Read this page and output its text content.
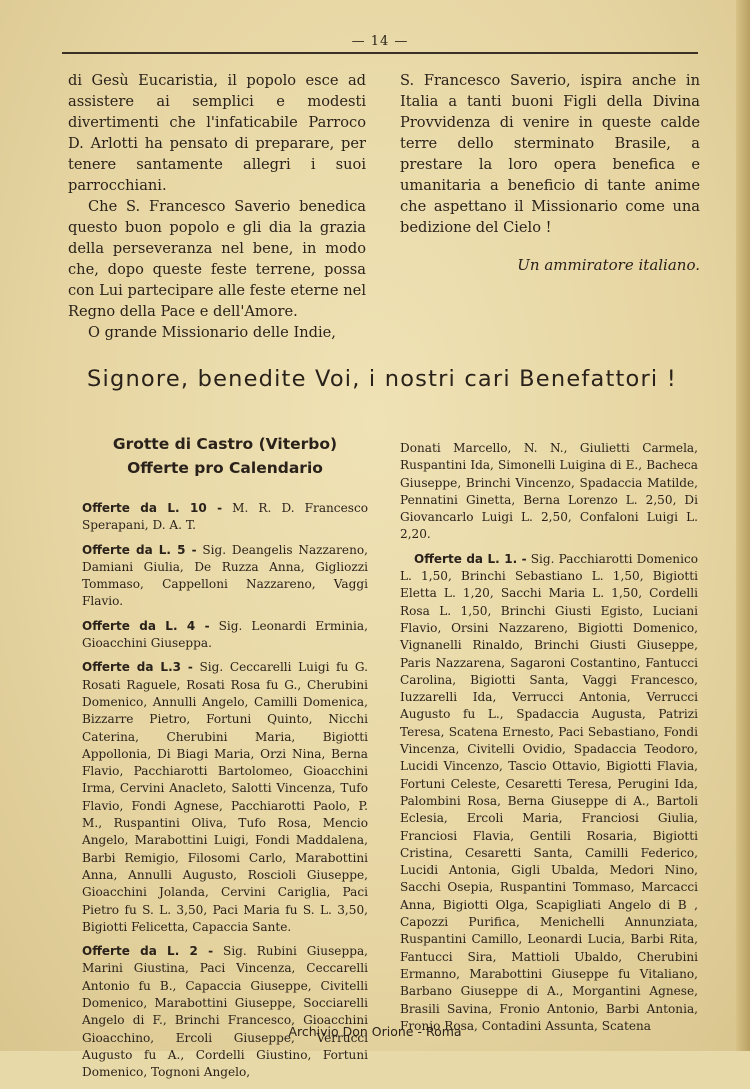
— 14 —

di Gesù Eucaristia, il popolo esce ad assistere ai semplici e modesti divertimenti che l'infaticabile Parroco D. Arlotti ha pensato di preparare, per tenere santamente allegri i suoi parrocchiani.

Che S. Francesco Saverio benedica questo buon popolo e gli dia la grazia della perseveranza nel bene, in modo che, dopo queste feste terrene, possa con Lui partecipare alle feste eterne nel Regno della Pace e dell'Amore.

O grande Missionario delle Indie,

S. Francesco Saverio, ispira anche in Italia a tanti buoni Figli della Divina Provvidenza di venire in queste calde terre dello sterminato Brasile, a prestare la loro opera benefica e umanitaria a beneficio di tante anime che aspettano il Missionario come una bedizione del Cielo !

Un ammiratore italiano.
Signore, benedite Voi, i nostri cari Benefattori !
Grotte di Castro (Viterbo)
Offerte pro Calendario

Offerte da L. 10 - M. R. D. Francesco Sperapani, D. A. T.

Offerte da L. 5 - Sig. Deangelis Nazzareno, Damiani Giulia, De Ruzza Anna, Gigliozzi Tommaso, Cappelloni Nazzareno, Vaggi Flavio.

Offerte da L. 4 - Sig. Leonardi Erminia, Gioacchini Giuseppa.

Offerte da L.3 - Sig. Ceccarelli Luigi fu G. Rosati Raguele, Rosati Rosa fu G., Cherubini Domenico, Annulli Angelo, Camilli Domenica, Bizzarre Pietro, Fortuni Quinto, Nicchi Caterina, Cherubini Maria, Bigiotti Appollonia, Di Biagi Maria, Orzi Nina, Berna Flavio, Pacchiarotti Bartolomeo, Gioacchini Irma, Cervini Anacleto, Salotti Vincenza, Tufo Flavio, Fondi Agnese, Pacchiarotti Paolo, P. M., Ruspantini Oliva, Tufo Rosa, Mencio Angelo, Marabottini Luigi, Fondi Maddalena, Barbi Remigio, Filosomi Carlo, Marabottini Anna, Annulli Augusto, Roscioli Giuseppe, Gioacchini Jolanda, Cervini Cariglia, Paci Pietro fu S. L. 3,50, Paci Maria fu S. L. 3,50, Bigiotti Felicetta, Capaccia Sante.

Offerte da L. 2 - Sig. Rubini Giuseppa, Marini Giustina, Paci Vincenza, Ceccarelli Antonio fu B., Capaccia Giuseppe, Civitelli Domenico, Marabottini Giuseppe, Socciarelli Angelo di F., Brinchi Francesco, Gioacchini Gioacchino, Ercoli Giuseppe, Verrucci Augusto fu A., Cordelli Giustino, Fortuni Domenico, Tognoni Angelo,

Donati Marcello, N. N., Giulietti Carmela, Ruspantini Ida, Simonelli Luigina di E., Bacheca Giuseppe, Brinchi Vincenzo, Spadaccia Matilde, Pennatini Ginetta, Berna Lorenzo L. 2,50, Di Giovancarlo Luigi L. 2,50, Confaloni Luigi L. 2,20.

Offerte da L. 1. - Sig. Pacchiarotti Domenico L. 1,50, Brinchi Sebastiano L. 1,50, Bigiotti Eletta L. 1,20, Sacchi Maria L. 1,50, Cordelli Rosa L. 1,50, Brinchi Giusti Egisto, Luciani Flavio, Orsini Nazzareno, Bigiotti Domenico, Vignanelli Rinaldo, Brinchi Giusti Giuseppe, Paris Nazzarena, Sagaroni Costantino, Fantucci Carolina, Bigiotti Santa, Vaggi Francesco, Iuzzarelli Ida, Verrucci Antonia, Verrucci Augusto fu L., Spadaccia Augusta, Patrizi Teresa, Scatena Ernesto, Paci Sebastiano, Fondi Vincenza, Civitelli Ovidio, Spadaccia Teodoro, Lucidi Vincenzo, Tascio Ottavio, Bigiotti Flavia, Fortuni Celeste, Cesaretti Teresa, Perugini Ida, Palombini Rosa, Berna Giuseppe di A., Bartoli Eclesia, Ercoli Maria, Franciosi Giulia, Franciosi Flavia, Gentili Rosaria, Bigiotti Cristina, Cesaretti Santa, Camilli Federico, Lucidi Antonia, Gigli Ubalda, Medori Nino, Sacchi Osepia, Ruspantini Tommaso, Marcacci Anna, Bigiotti Olga, Scapigliati Angelo di B , Capozzi Purifica, Menichelli Annunziata, Ruspantini Camillo, Leonardi Lucia, Barbi Rita, Fantucci Sira, Mattioli Ubaldo, Cherubini Ermanno, Marabottini Giuseppe fu Vitaliano, Barbano Giuseppe di A., Morgantini Agnese, Brasili Savina, Fronio Antonio, Barbi Antonia, Fronio Rosa, Contadini Assunta, Scatena

Archivio Don Orione - Roma
